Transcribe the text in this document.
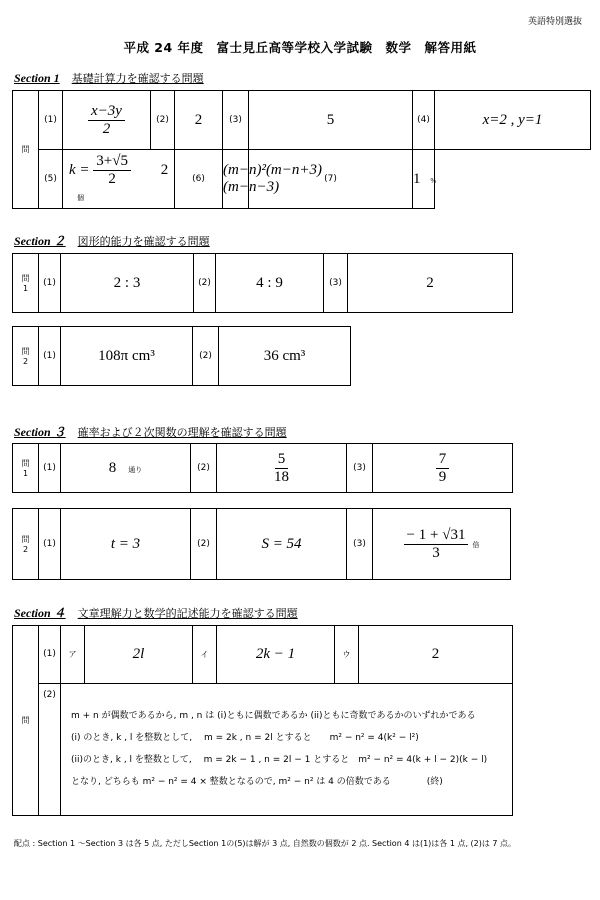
英語特別選抜
平成 24 年度　富士見丘高等学校入学試験　数学　解答用紙
Section 1 基礎計算力を確認する問題
問	(1)	$\frac{x-3y}{2}$	(2)	2	(3)	5	(4)	x=2 , y=1
	(5)	$k = \frac{3+√5}{2} 2$ 個		(6)	(m−n)²(m−n+3)(m−n−3)	(7)	1 %	
Section ２ 図形的能力を確認する問題
問
1	(1)	2 : 3	(2)	4 : 9	(3)	2
問
2	(1)	108π cm³	(2)	36 cm³
Section ３ 確率および２次関数の理解を確認する問題
問
1	(1)	8 通り	(2)	$\frac{5}{18}$	(3)	$\frac{7}{9}$
問
2	(1)	t = 3	(2)	S = 54	(3)	$\frac{- 1 + √31}{3}$ 倍
Section ４ 文章理解力と数学的記述能力を確認する問題
問	(1)	ア	2l	イ	2k − 1	ウ	2
	(2)	m + n が偶数であるから, m , n は (i)ともに偶数であるか (ii)ともに奇数であるかのいずれかである
(i) のとき, k , l を整数として,　 m = 2k , n = 2l とすると　　m² − n² = 4(k² − l²)
(ii)のとき, k , l を整数として,　 m = 2k − 1 , n = 2l − 1 とすると　m² − n² = 4(k + l − 2)(k − l)
となり, どちらも m² − n² = 4 × 整数となるので, m² − n² は 4 の倍数である　　　　(終)					
配点 : Section 1 ～Section 3 は各 5 点, ただしSection 1の(5)は解が 3 点, 自然数の個数が 2 点. Section 4 は(1)は各 1 点, (2)は 7 点。
